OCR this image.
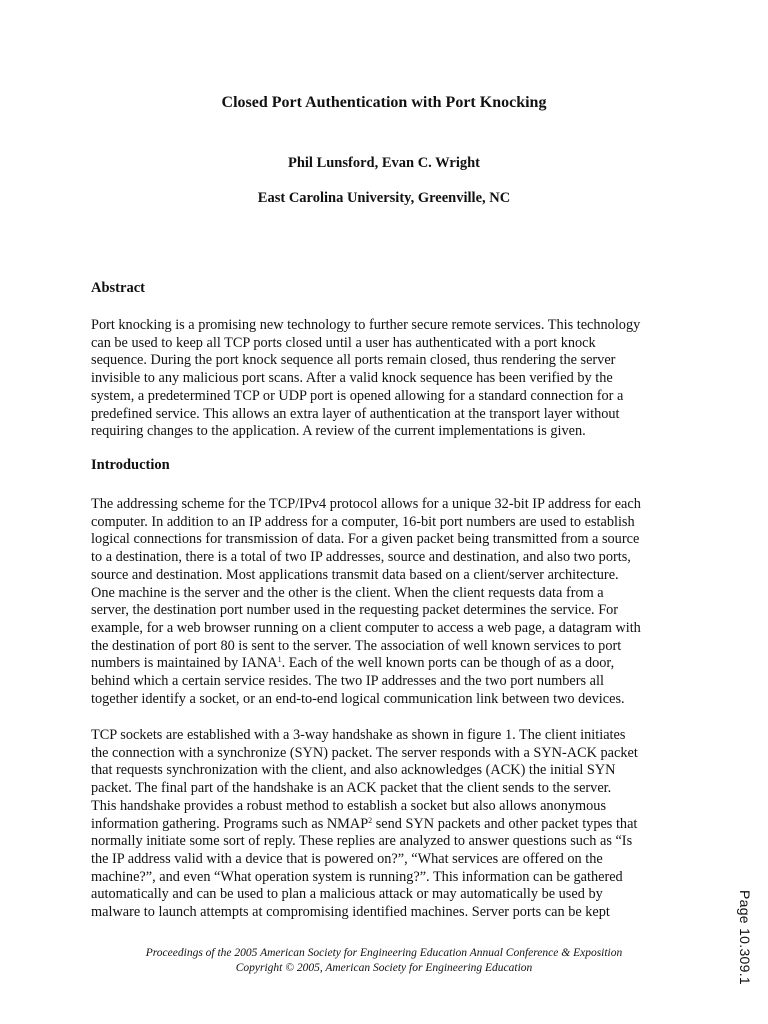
Closed Port Authentication with Port Knocking
Phil Lunsford, Evan C. Wright
East Carolina University, Greenville, NC
Abstract
Port knocking is a promising new technology to further secure remote services. This technology
can be used to keep all TCP ports closed until a user has authenticated with a port knock
sequence. During the port knock sequence all ports remain closed, thus rendering the server
invisible to any malicious port scans. After a valid knock sequence has been verified by the
system, a predetermined TCP or UDP port is opened allowing for a standard connection for a
predefined service. This allows an extra layer of authentication at the transport layer without
requiring changes to the application. A review of the current implementations is given.
Introduction
The addressing scheme for the TCP/IPv4 protocol allows for a unique 32-bit IP address for each
computer. In addition to an IP address for a computer, 16-bit port numbers are used to establish
logical connections for transmission of data. For a given packet being transmitted from a source
to a destination, there is a total of two IP addresses, source and destination, and also two ports,
source and destination. Most applications transmit data based on a client/server architecture.
One machine is the server and the other is the client. When the client requests data from a
server, the destination port number used in the requesting packet determines the service. For
example, for a web browser running on a client computer to access a web page, a datagram with
the destination of port 80 is sent to the server. The association of well known services to port
numbers is maintained by IANA$^1$. Each of the well known ports can be though of as a door,
behind which a certain service resides. The two IP addresses and the two port numbers all
together identify a socket, or an end-to-end logical communication link between two devices.
TCP sockets are established with a 3-way handshake as shown in figure 1. The client initiates
the connection with a synchronize (SYN) packet. The server responds with a SYN-ACK packet
that requests synchronization with the client, and also acknowledges (ACK) the initial SYN
packet. The final part of the handshake is an ACK packet that the client sends to the server.
This handshake provides a robust method to establish a socket but also allows anonymous
information gathering. Programs such as NMAP$^2$ send SYN packets and other packet types that
normally initiate some sort of reply. These replies are analyzed to answer questions such as “Is
the IP address valid with a device that is powered on?”, “What services are offered on the
machine?”, and even “What operation system is running?”. This information can be gathered
automatically and can be used to plan a malicious attack or may automatically be used by
malware to launch attempts at compromising identified machines. Server ports can be kept
Proceedings of the 2005 American Society for Engineering Education Annual Conference & Exposition
Copyright © 2005, American Society for Engineering Education	Page 10.309.1
